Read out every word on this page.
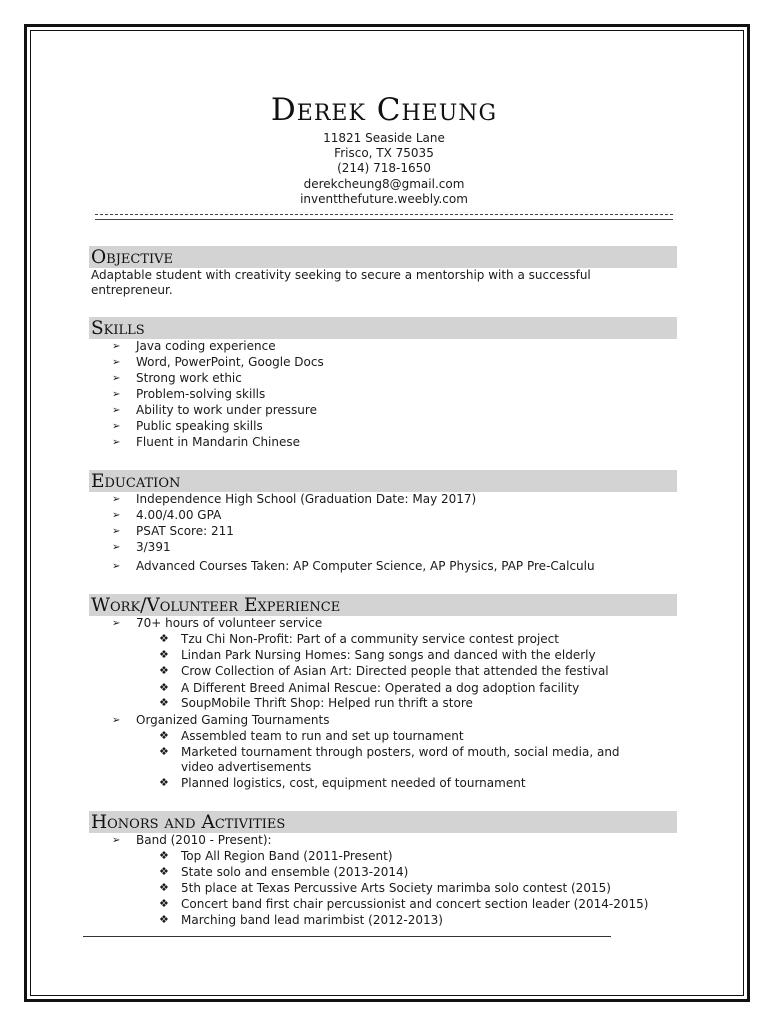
Derek Cheung
11821 Seaside Lane
Frisco, TX 75035
(214) 718-1650
derekcheung8@gmail.com
inventthefuture.weebly.com
Objective
Adaptable student with creativity seeking to secure a mentorship with a successful
entrepreneur.
Skills
➢ Java coding experience
➢ Word, PowerPoint, Google Docs
➢ Strong work ethic
➢ Problem-solving skills
➢ Ability to work under pressure
➢ Public speaking skills
➢ Fluent in Mandarin Chinese
Education
➢ Independence High School (Graduation Date: May 2017)
➢ 4.00/4.00 GPA
➢ PSAT Score: 211
➢ 3/391
➢ Advanced Courses Taken: AP Computer Science, AP Physics, PAP Pre-Calculu
Work/Volunteer Experience
➢ 70+ hours of volunteer service
❖ Tzu Chi Non-Profit: Part of a community service contest project
❖ Lindan Park Nursing Homes: Sang songs and danced with the elderly
❖ Crow Collection of Asian Art: Directed people that attended the festival
❖ A Different Breed Animal Rescue: Operated a dog adoption facility
❖ SoupMobile Thrift Shop: Helped run thrift a store
➢ Organized Gaming Tournaments
❖ Assembled team to run and set up tournament
❖ Marketed tournament through posters, word of mouth, social media, and
video advertisements
❖ Planned logistics, cost, equipment needed of tournament
Honors and Activities
➢ Band (2010 - Present):
❖ Top All Region Band (2011-Present)
❖ State solo and ensemble (2013-2014)
❖ 5th place at Texas Percussive Arts Society marimba solo contest (2015)
❖ Concert band first chair percussionist and concert section leader (2014-2015)
❖ Marching band lead marimbist (2012-2013)
